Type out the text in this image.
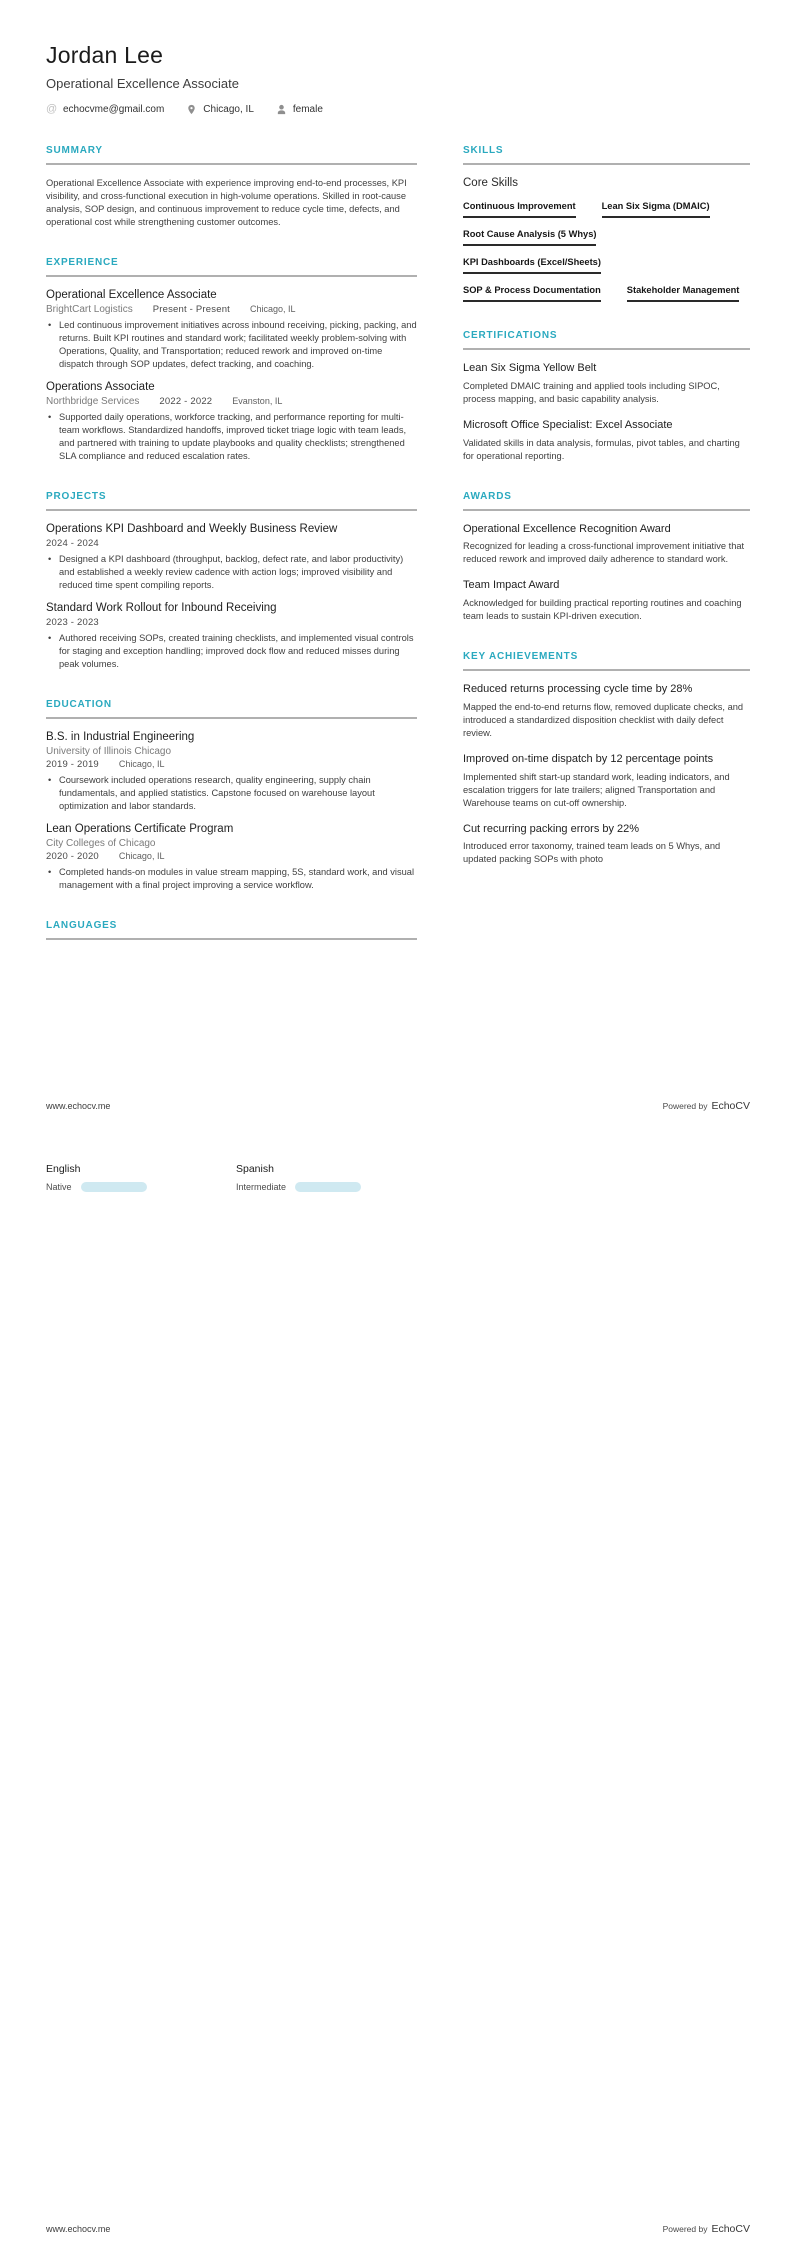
Jordan Lee
Operational Excellence Associate
@ echocvme@gmail.com	Chicago, IL	female
SUMMARY
Operational Excellence Associate with experience improving end-to-end processes, KPI visibility, and cross-functional execution in high-volume operations. Skilled in root-cause analysis, SOP design, and continuous improvement to reduce cycle time, defects, and operational cost while strengthening customer outcomes.
EXPERIENCE
Operational Excellence Associate
BrightCart Logistics Present - Present Chicago, IL
• Led continuous improvement initiatives across inbound receiving, picking, packing, and returns. Built KPI routines and standard work; facilitated weekly problem-solving with Operations, Quality, and Transportation; reduced rework and improved on-time dispatch through SOP updates, defect tracking, and coaching.
Operations Associate
Northbridge Services 2022 - 2022 Evanston, IL
• Supported daily operations, workforce tracking, and performance reporting for multi-team workflows. Standardized handoffs, improved ticket triage logic with team leads, and partnered with training to update playbooks and quality checklists; strengthened SLA compliance and reduced escalation rates.
PROJECTS
Operations KPI Dashboard and Weekly Business Review
2024 - 2024
• Designed a KPI dashboard (throughput, backlog, defect rate, and labor productivity) and established a weekly review cadence with action logs; improved visibility and reduced time spent compiling reports.
Standard Work Rollout for Inbound Receiving
2023 - 2023
• Authored receiving SOPs, created training checklists, and implemented visual controls for staging and exception handling; improved dock flow and reduced misses during peak volumes.
EDUCATION
B.S. in Industrial Engineering
University of Illinois Chicago
2019 - 2019 Chicago, IL
• Coursework included operations research, quality engineering, supply chain fundamentals, and applied statistics. Capstone focused on warehouse layout optimization and labor standards.
Lean Operations Certificate Program
City Colleges of Chicago
2020 - 2020 Chicago, IL
• Completed hands-on modules in value stream mapping, 5S, standard work, and visual management with a final project improving a service workflow.
LANGUAGES
SKILLS
Core Skills
Continuous Improvement	Lean Six Sigma (DMAIC)
Root Cause Analysis (5 Whys)
KPI Dashboards (Excel/Sheets)
SOP & Process Documentation	Stakeholder Management
CERTIFICATIONS
Lean Six Sigma Yellow Belt
Completed DMAIC training and applied tools including SIPOC, process mapping, and basic capability analysis.
Microsoft Office Specialist: Excel Associate
Validated skills in data analysis, formulas, pivot tables, and charting for operational reporting.
AWARDS
Operational Excellence Recognition Award
Recognized for leading a cross-functional improvement initiative that reduced rework and improved daily adherence to standard work.
Team Impact Award
Acknowledged for building practical reporting routines and coaching team leads to sustain KPI-driven execution.
KEY ACHIEVEMENTS
Reduced returns processing cycle time by 28%
Mapped the end-to-end returns flow, removed duplicate checks, and introduced a standardized disposition checklist with daily defect review.
Improved on-time dispatch by 12 percentage points
Implemented shift start-up standard work, leading indicators, and escalation triggers for late trailers; aligned Transportation and Warehouse teams on cut-off ownership.
Cut recurring packing errors by 22%
Introduced error taxonomy, trained team leads on 5 Whys, and updated packing SOPs with photo
www.echocv.me	Powered by EchoCV
English
Native
Spanish
Intermediate
www.echocv.me	Powered by EchoCV
